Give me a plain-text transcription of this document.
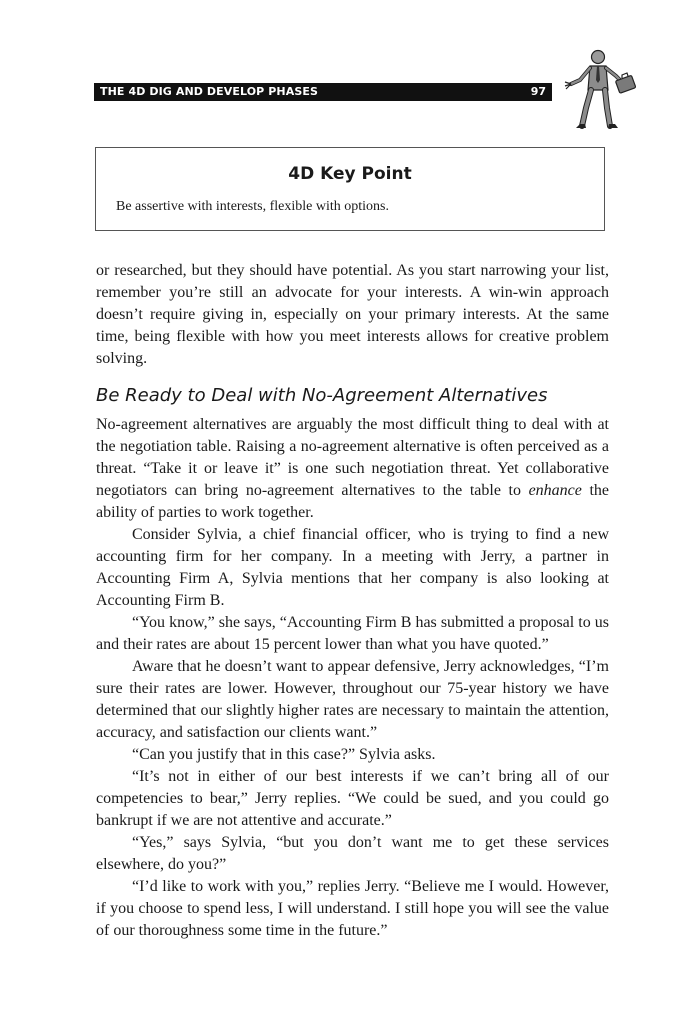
THE 4D DIG AND DEVELOP PHASES	97
4D Key Point
Be assertive with interests, flexible with options.

or researched, but they should have potential. As you start narrowing your list, remember you’re still an advocate for your interests. A win-win approach doesn’t require giving in, especially on your primary interests. At the same time, being flexible with how you meet interests allows for creative problem solving.

Be Ready to Deal with No-Agreement Alternatives

No-agreement alternatives are arguably the most difficult thing to deal with at the negotiation table. Raising a no-agreement alternative is often perceived as a threat. “Take it or leave it” is one such negotiation threat. Yet collaborative negotiators can bring no-agreement alternatives to the table to enhance the ability of parties to work together.

Consider Sylvia, a chief financial officer, who is trying to find a new accounting firm for her company. In a meeting with Jerry, a partner in Accounting Firm A, Sylvia mentions that her company is also looking at Accounting Firm B.

“You know,” she says, “Accounting Firm B has submitted a proposal to us and their rates are about 15 percent lower than what you have quoted.”

Aware that he doesn’t want to appear defensive, Jerry acknowledges, “I’m sure their rates are lower. However, throughout our 75-year history we have determined that our slightly higher rates are necessary to maintain the attention, accuracy, and satisfaction our clients want.”

“Can you justify that in this case?” Sylvia asks.

“It’s not in either of our best interests if we can’t bring all of our competencies to bear,” Jerry replies. “We could be sued, and you could go bankrupt if we are not attentive and accurate.”

“Yes,” says Sylvia, “but you don’t want me to get these services elsewhere, do you?”

“I’d like to work with you,” replies Jerry. “Believe me I would. However, if you choose to spend less, I will understand. I still hope you will see the value of our thoroughness some time in the future.”
